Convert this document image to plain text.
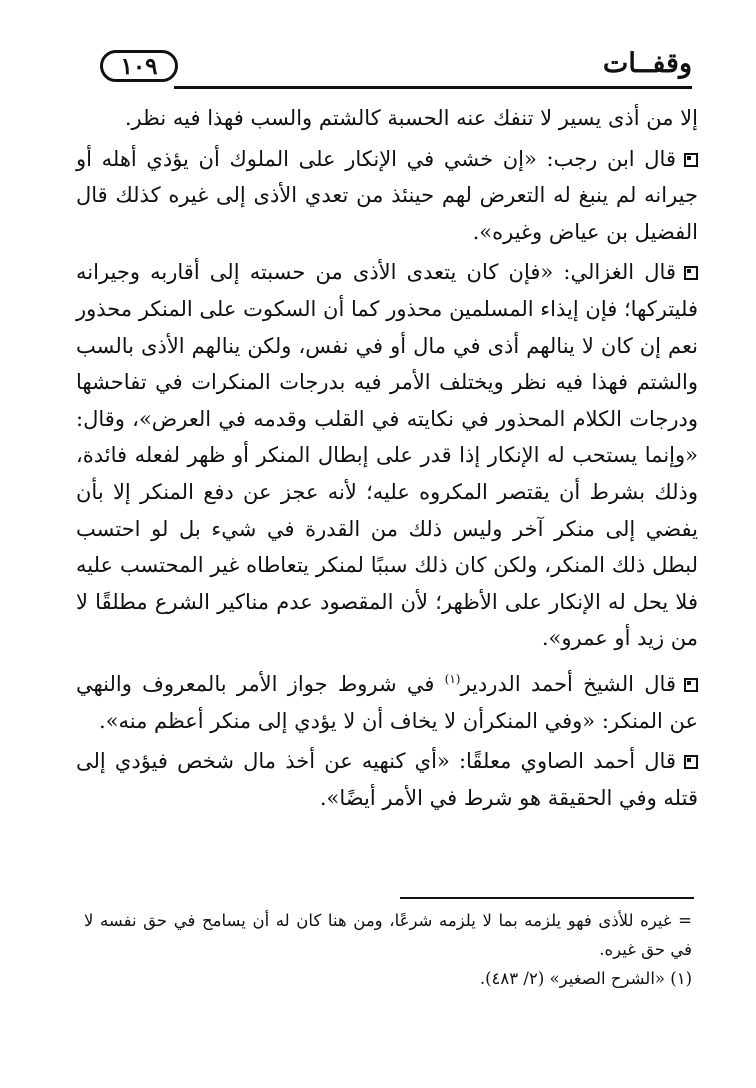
وقفــات
١٠٩

إلا من أذى يسير لا تنفك عنه الحسبة كالشتم والسب فهذا فيه نظر.

قال ابن رجب: «إن خشي في الإنكار على الملوك أن يؤذي أهله أو جيرانه لم ينبغ له التعرض لهم حينئذ من تعدي الأذى إلى غيره كذلك قال الفضيل بن عياض وغيره».

قال الغزالي: «فإن كان يتعدى الأذى من حسبته إلى أقاربه وجيرانه فليتركها؛ فإن إيذاء المسلمين محذور كما أن السكوت على المنكر محذور نعم إن كان لا ينالهم أذى في مال أو في نفس، ولكن ينالهم الأذى بالسب والشتم فهذا فيه نظر ويختلف الأمر فيه بدرجات المنكرات في تفاحشها ودرجات الكلام المحذور في نكايته في القلب وقدمه في العرض»، وقال: «وإنما يستحب له الإنكار إذا قدر على إبطال المنكر أو ظهر لفعله فائدة، وذلك بشرط أن يقتصر المكروه عليه؛ لأنه عجز عن دفع المنكر إلا بأن يفضي إلى منكر آخر وليس ذلك من القدرة في شيء بل لو احتسب لبطل ذلك المنكر، ولكن كان ذلك سببًا لمنكر يتعاطاه غير المحتسب عليه فلا يحل له الإنكار على الأظهر؛ لأن المقصود عدم مناكير الشرع مطلقًا لا من زيد أو عمرو».

قال الشيخ أحمد الدردير$^{(١)}$ في شروط جواز الأمر بالمعروف والنهي عن المنكر: «وفي المنكرأن لا يخاف أن لا يؤدي إلى منكر أعظم منه».

قال أحمد الصاوي معلقًا: «أي كنهيه عن أخذ مال شخص فيؤدي إلى قتله وفي الحقيقة هو شرط في الأمر أيضًا».

= غيره للأذى فهو يلزمه بما لا يلزمه شرعًا، ومن هنا كان له أن يسامح في حق نفسه لا في حق غيره.

(١) «الشرح الصغير» (٢/ ٤٨٣).
